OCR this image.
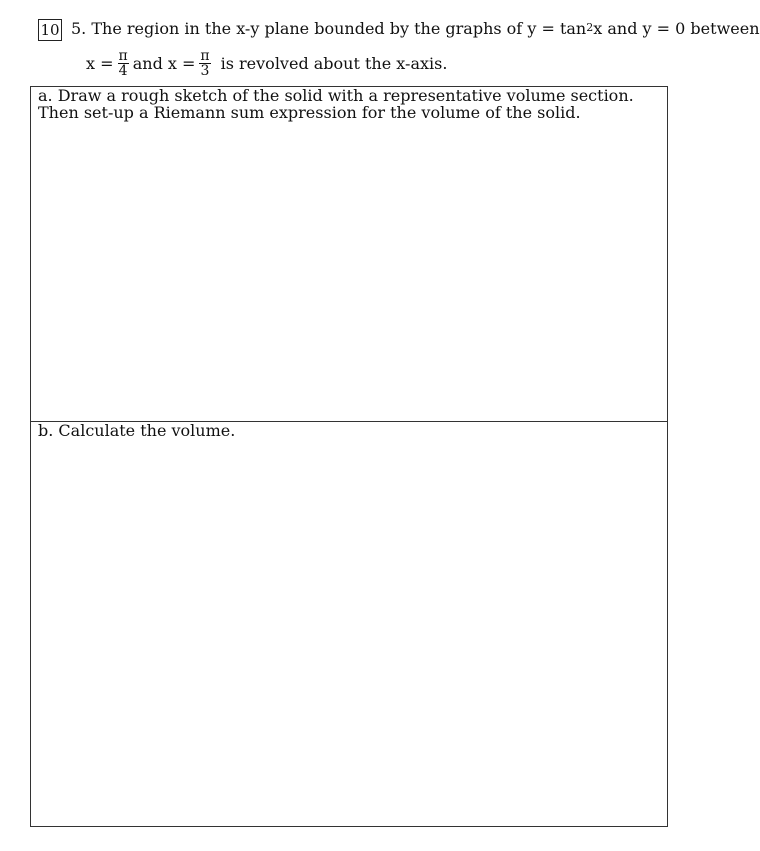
10 5. The region in the x-y plane bounded by the graphs of $y = \tan^2x$ and y = 0 between
$x = \frac{\pi}{4}$ and $x = \frac{\pi}{3}$ is revolved about the x-axis.
a. Draw a rough sketch of the solid with a representative volume section. Then set-up a Riemann sum expression for the volume of the solid.
b. Calculate the volume.
